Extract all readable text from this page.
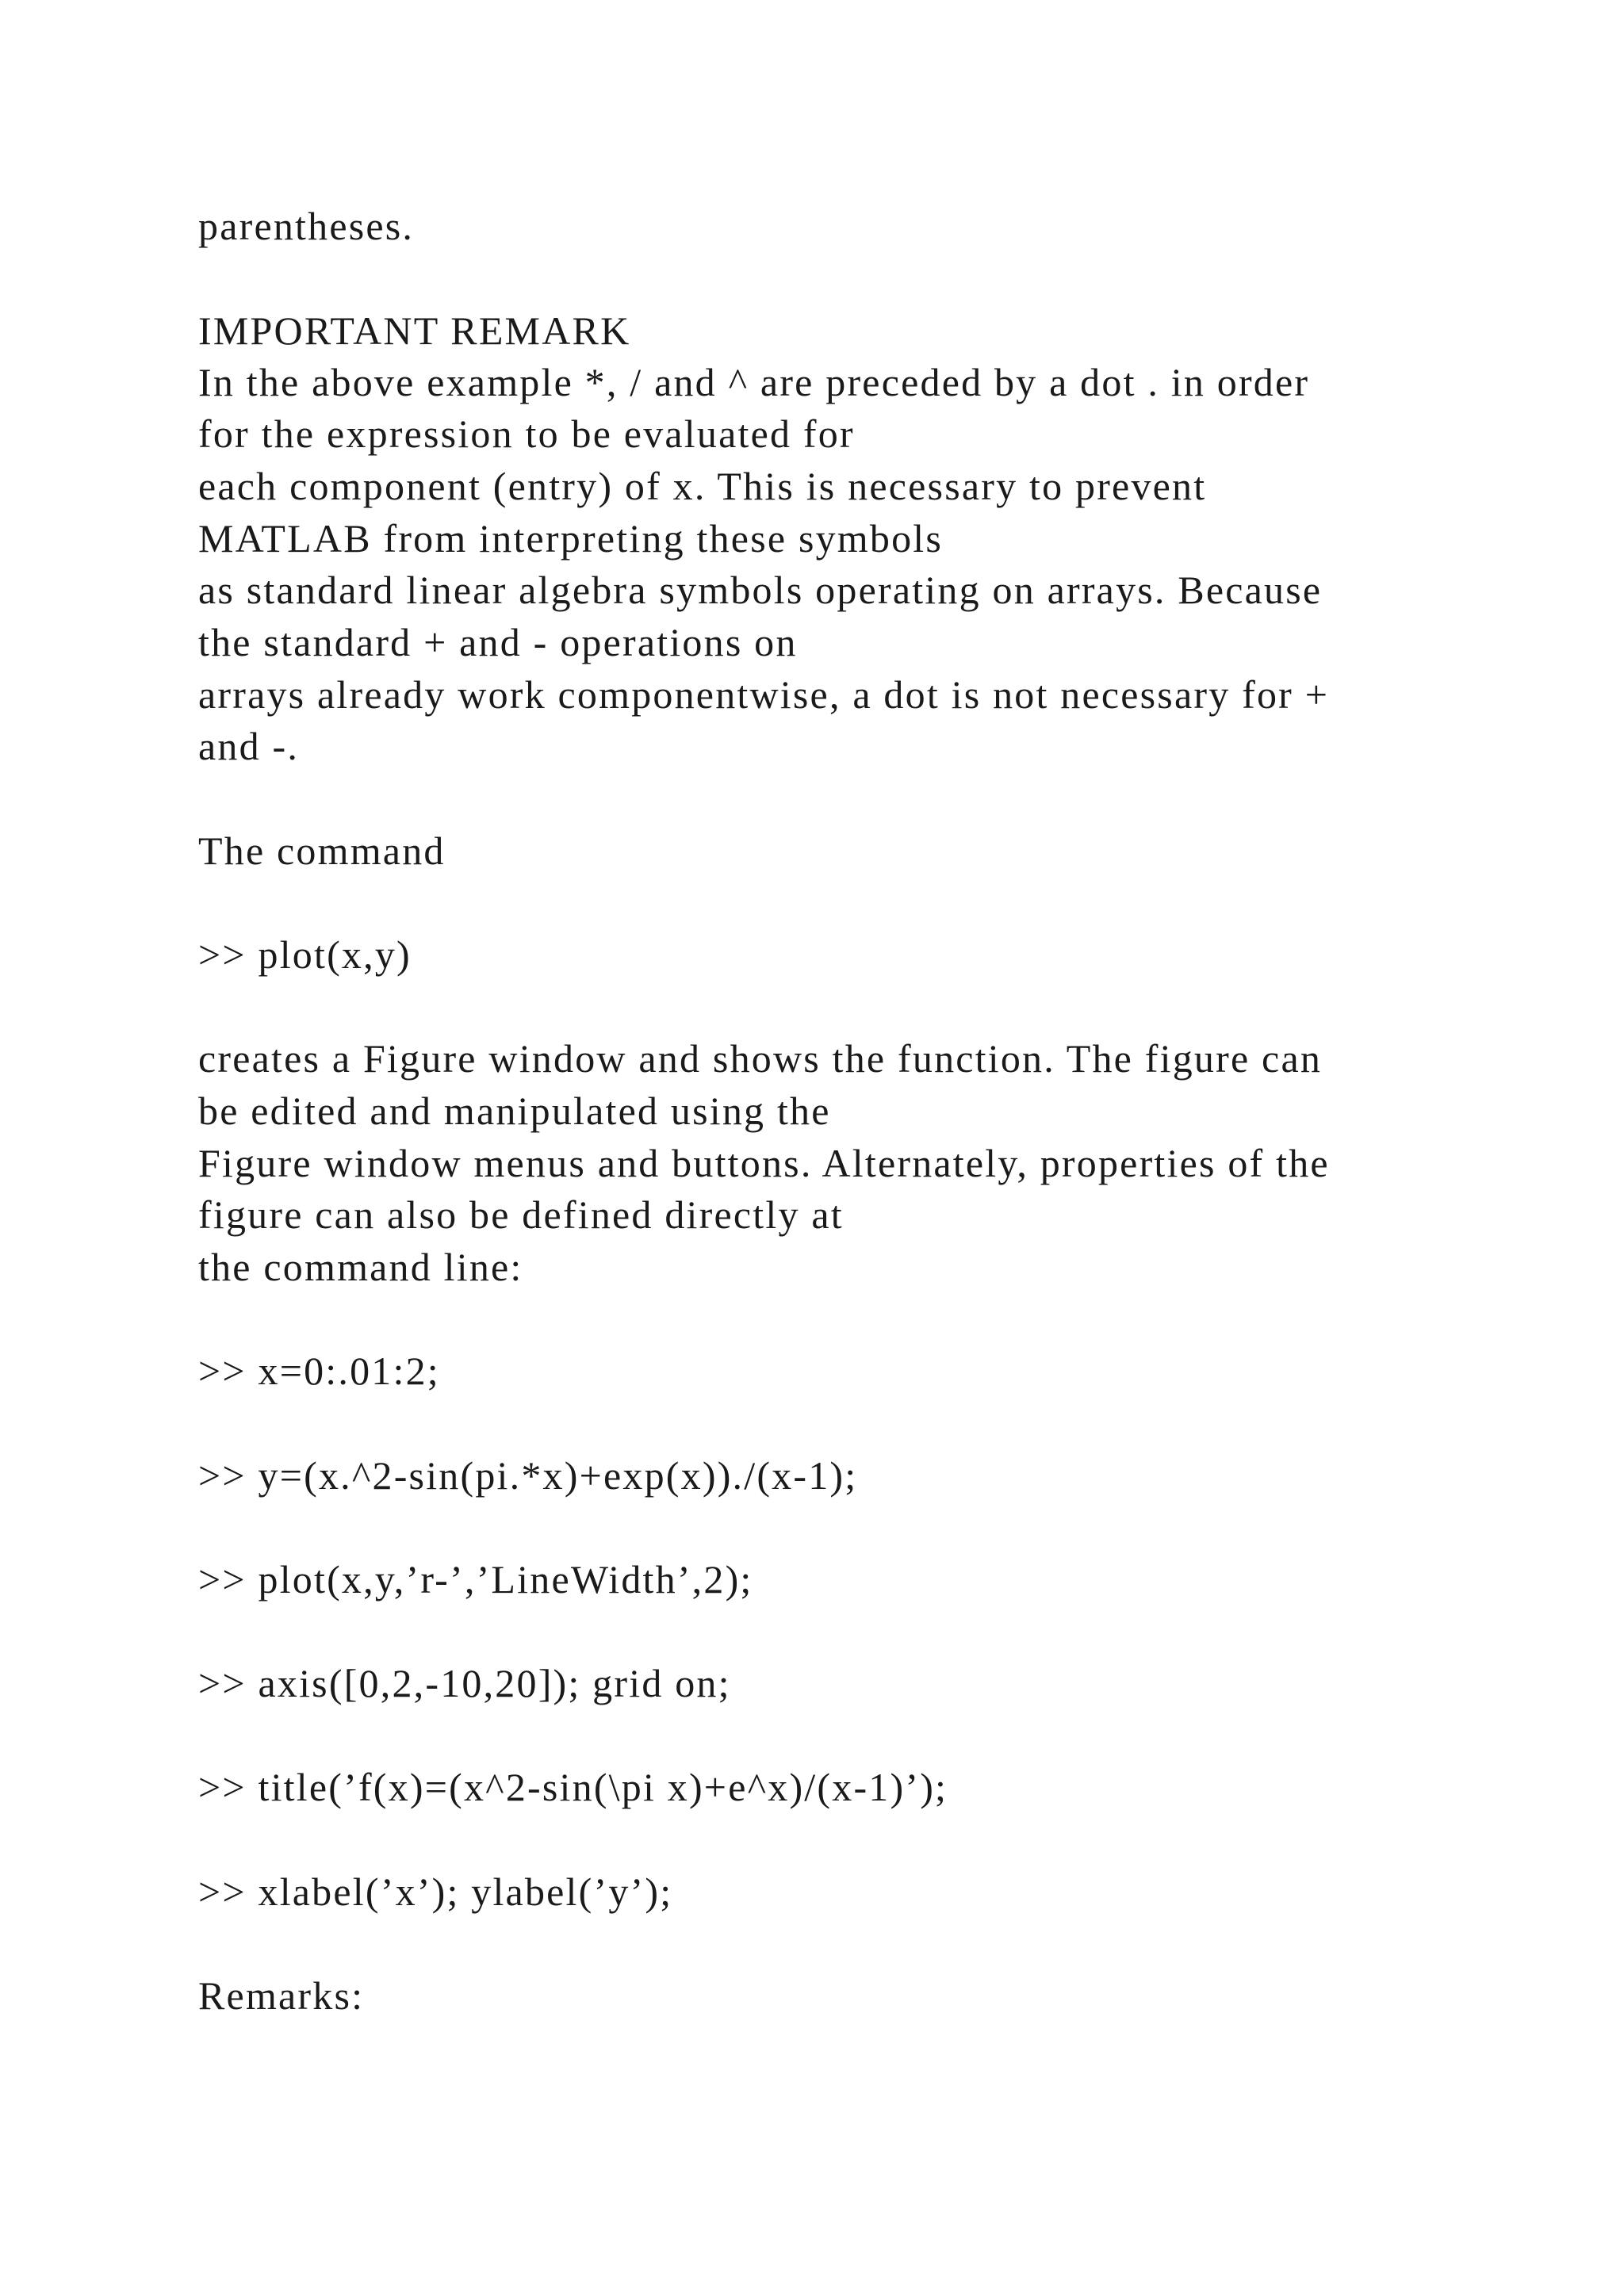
parentheses.

IMPORTANT REMARK

In the above example *, / and ^ are preceded by a dot . in order

for the expression to be evaluated for

each component (entry) of x. This is necessary to prevent

MATLAB from interpreting these symbols

as standard linear algebra symbols operating on arrays. Because

the standard + and - operations on

arrays already work componentwise, a dot is not necessary for +

and -.

The command

>> plot(x,y)

creates a Figure window and shows the function. The figure can

be edited and manipulated using the

Figure window menus and buttons. Alternately, properties of the

figure can also be defined directly at

the command line:

>> x=0:.01:2;

>> y=(x.^2-sin(pi.*x)+exp(x))./(x-1);

>> plot(x,y,’r-’,’LineWidth’,2);

>> axis([0,2,-10,20]); grid on;

>> title(’f(x)=(x^2-sin(\pi x)+e^x)/(x-1)’);

>> xlabel(’x’); ylabel(’y’);

Remarks:
